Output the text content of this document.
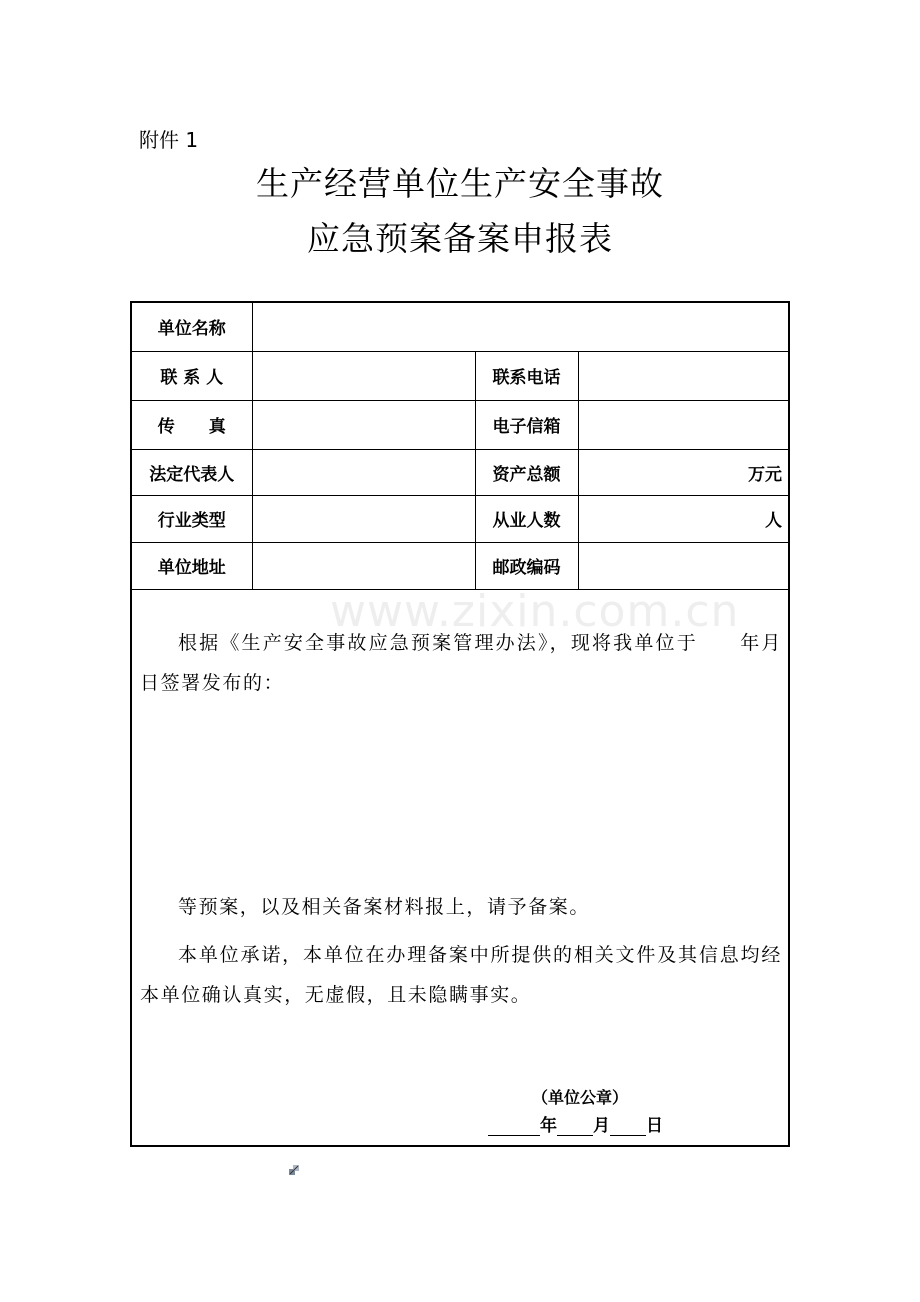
附件 1
生产经营单位生产安全事故
应急预案备案申报表
www.zixin.com.cn
单位名称			
联 系 人		联系电话	
传　　真		电子信箱	
法定代表人		资产总额	万元
行业类型		从业人数	人
单位地址		邮政编码	
根据《生产安全事故应急预案管理办法》，现将我单位于　　年月　　日签署发布的：
等预案，以及相关备案材料报上，请予备案。
本单位承诺，本单位在办理备案中所提供的相关文件及其信息均经本单位确认真实，无虚假，且未隐瞒事实。
（单位公章）
年 月 日
